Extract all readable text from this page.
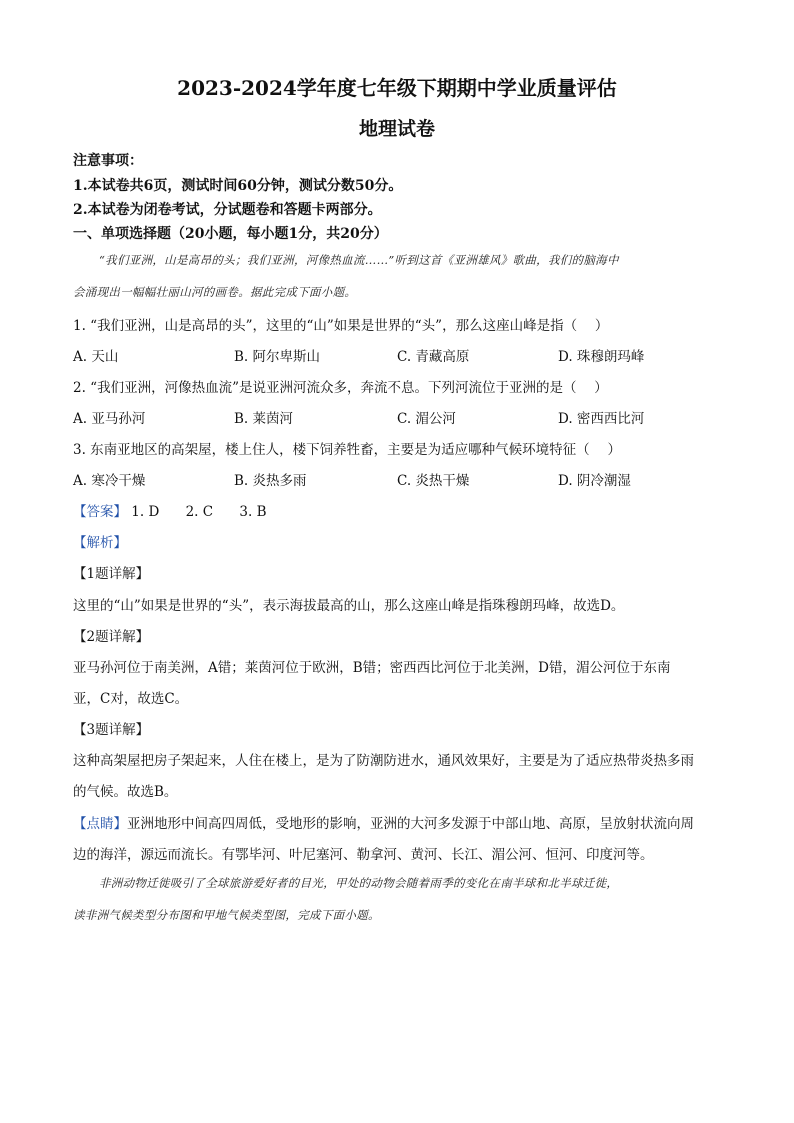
2023-2024学年度七年级下期期中学业质量评估
地理试卷
注意事项：
1.本试卷共6页，测试时间60分钟，测试分数50分。
2.本试卷为闭卷考试，分试题卷和答题卡两部分。
一、单项选择题（20小题，每小题1分，共20分）
“我们亚洲，山是高昂的头；我们亚洲，河像热血流……”听到这首《亚洲雄风》歌曲，我们的脑海中
会涌现出一幅幅壮丽山河的画卷。据此完成下面小题。
1. “我们亚洲，山是高昂的头”，这里的“山”如果是世界的“头”，那么这座山峰是指（　 ）
A. 天山	B. 阿尔卑斯山	C. 青藏高原	D. 珠穆朗玛峰
2. “我们亚洲，河像热血流”是说亚洲河流众多，奔流不息。下列河流位于亚洲的是（　 ）
A. 亚马孙河	B. 莱茵河	C. 湄公河	D. 密西西比河
3. 东南亚地区的高架屋，楼上住人，楼下饲养牲畜，主要是为适应哪种气候环境特征（　 ）
A. 寒冷干燥	B. 炎热多雨	C. 炎热干燥	D. 阴冷潮湿
【答案】 1. D 2. C 3. B
【解析】
【1题详解】
这里的“山”如果是世界的“头”，表示海拔最高的山，那么这座山峰是指珠穆朗玛峰，故选D。
【2题详解】
亚马孙河位于南美洲，A错；莱茵河位于欧洲，B错；密西西比河位于北美洲，D错，湄公河位于东南
亚，C对，故选C。
【3题详解】
这种高架屋把房子架起来，人住在楼上，是为了防潮防进水，通风效果好，主要是为了适应热带炎热多雨
的气候。故选B。
【点睛】亚洲地形中间高四周低，受地形的影响，亚洲的大河多发源于中部山地、高原，呈放射状流向周
边的海洋，源远而流长。有鄂毕河、叶尼塞河、勒拿河、黄河、长江、湄公河、恒河、印度河等。
非洲动物迁徙吸引了全球旅游爱好者的目光，甲处的动物会随着雨季的变化在南半球和北半球迁徙，
读非洲气候类型分布图和甲地气候类型图，完成下面小题。
